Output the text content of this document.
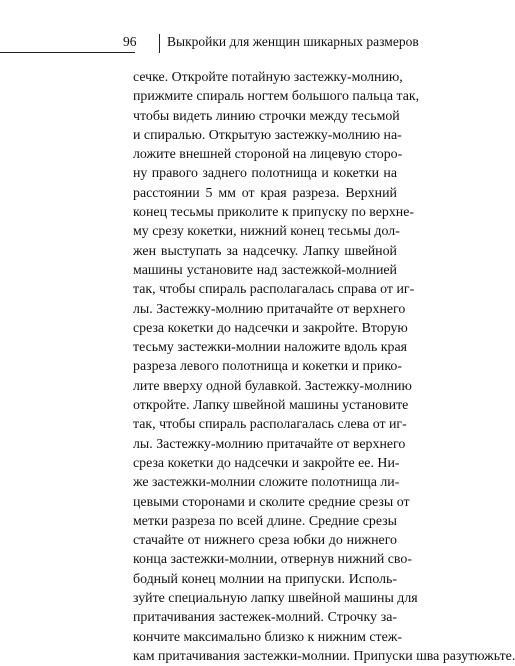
96 Выкройки для женщин шикарных размеров
сечке. Откройте потайную застежку-молнию,
прижмите спираль ногтем большого пальца так,
чтобы видеть линию строчки между тесьмой
и спиралью. Открытую застежку-молнию на-
ложите внешней стороной на лицевую сторо-
ну правого заднего полотнища и кокетки на
расстоянии 5 мм от края разреза. Верхний
конец тесьмы приколите к припуску по верхне-
му срезу кокетки, нижний конец тесьмы дол-
жен выступать за надсечку. Лапку швейной
машины установите над застежкой-молнией
так, чтобы спираль располагалась справа от иг-
лы. Застежку-молнию притачайте от верхнего
среза кокетки до надсечки и закройте. Вторую
тесьму застежки-молнии наложите вдоль края
разреза левого полотнища и кокетки и прико-
лите вверху одной булавкой. Застежку-молнию
откройте. Лапку швейной машины установите
так, чтобы спираль располагалась слева от иг-
лы. Застежку-молнию притачайте от верхнего
среза кокетки до надсечки и закройте ее. Ни-
же застежки-молнии сложите полотнища ли-
цевыми сторонами и сколите средние срезы от
метки разреза по всей длине. Средние срезы
стачайте от нижнего среза юбки до нижнего
конца застежки-молнии, отвернув нижний сво-
бодный конец молнии на припуски. Исполь-
зуйте специальную лапку швейной машины для
притачивания застежек-молний. Строчку за-
кончите максимально близко к нижним стеж-
кам притачивания застежки-молнии. Припуски шва разутюжьте.
